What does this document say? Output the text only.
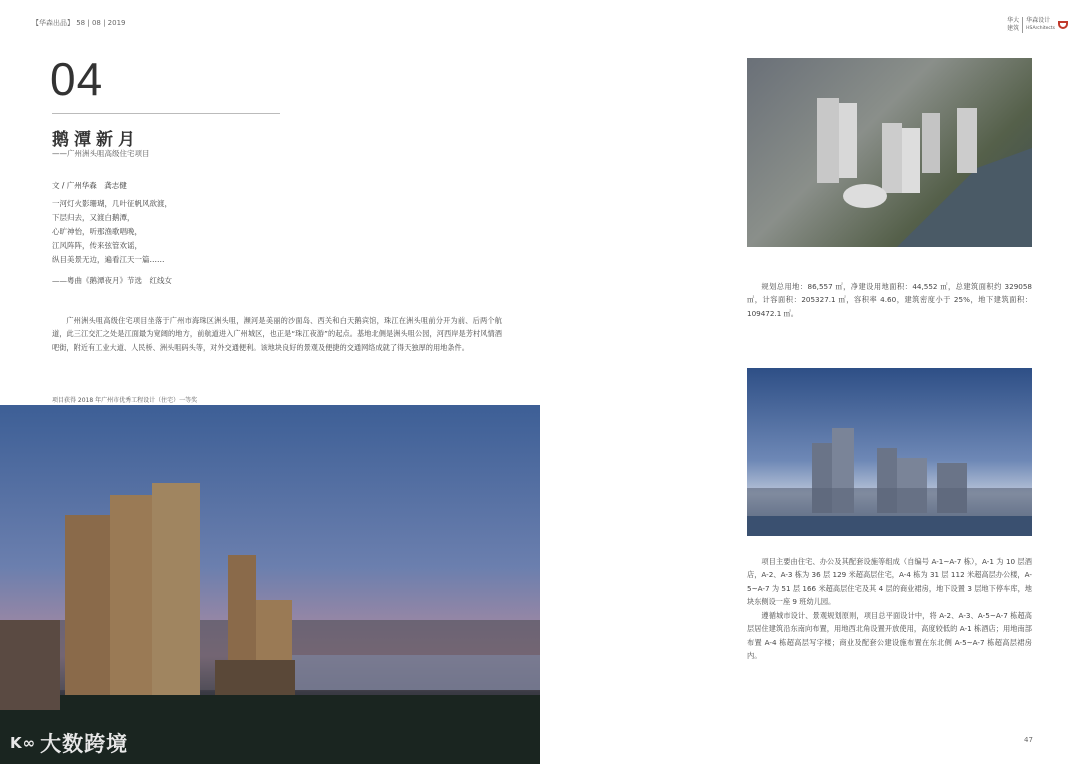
【华森出品】 58 | 08 | 2019	华大
建筑
华森设计
HSArchitects
04
鹅潭新月
——广州洲头咀高级住宅项目
文 / 广州华森　龚志健
一河灯火影珊瑚，几叶征帆风欲渡，
下层归去，又渡白鹅潭，
心旷神怡，听那渔歌唱晚，
江风阵阵，传来弦管欢谣，
纵目美景无边，遍看江天一篇……
——粤曲《鹅潭夜月》节选　红线女
广州洲头咀高级住宅项目坐落于广州市海珠区洲头咀，濒河是美丽的沙面岛、西关和白天鹅宾馆，珠江在洲头咀前分开为前、后两个航道，此三江交汇之处是江面最为宽阔的地方，前航道进入广州城区，也正是“珠江夜游”的起点。基地北侧是洲头咀公园，河西岸是芳村风情酒吧街，附近有工业大道、人民桥、洲头咀码头等，对外交通便利。该地块良好的景观及便捷的交通网络成就了得天独厚的用地条件。
项目获得 2018 年广州市优秀工程设计（住宅）一等奖
K∞ 大数跨境
规划总用地：86,557 ㎡，净建设用地面积：44,552 ㎡，总建筑面积约 329058 ㎡，计容面积：205327.1 ㎡，容积率 4.60，建筑密度小于 25%，地下建筑面积：109472.1 ㎡。
项目主要由住宅、办公及其配套设施等组成（自编号 A-1~A-7 栋），A-1 为 10 层酒店，A-2、A-3 栋为 36 层 129 米超高层住宅，A-4 栋为 31 层 112 米超高层办公楼，A-5~A-7 为 51 层 166 米超高层住宅及其 4 层的商业裙房，地下设置 3 层地下停车库，地块东侧设一座 9 班幼儿园。
遵循城市设计、景观规划原则，项目总平面设计中，将 A-2、A-3、A-5~A-7 栋超高层居住建筑沿东南向布置，用地西北角设置开放使用，高度较低的 A-1 栋酒店；用地南部布置 A-4 栋超高层写字楼；商业及配套公建设施布置在东北侧 A-5~A-7 栋超高层裙房内。
47
